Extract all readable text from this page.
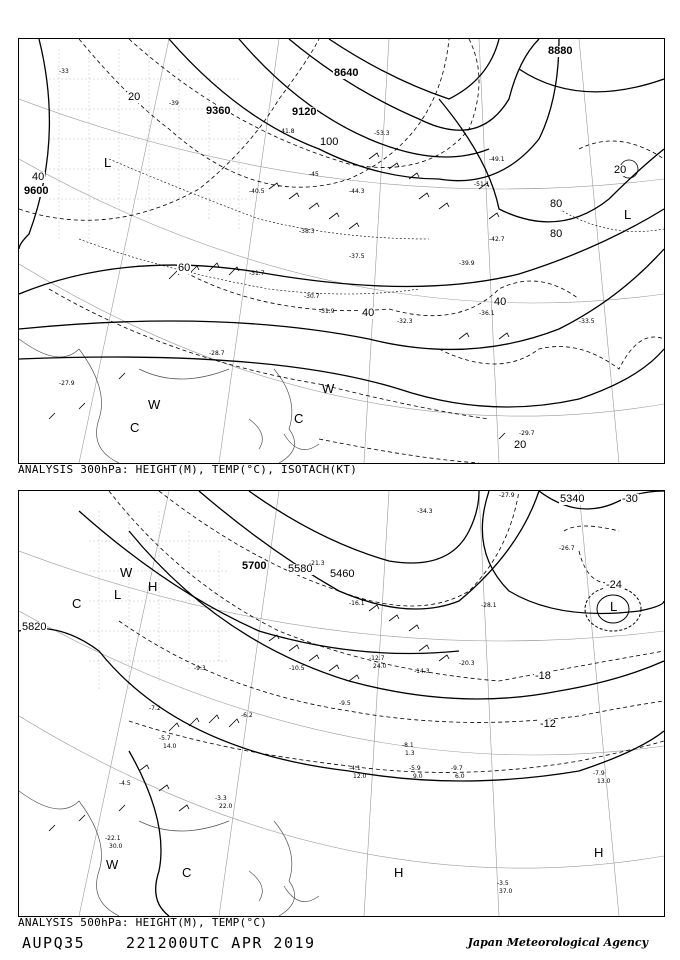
9600
9360	9120
8640
8880
20
40
60
80
100
80
40
40
20
20
L
L
W
W
C
C
-33
-39
-40.5
-42.7
-44.3
-45
-49.1
-51.1
-53.3
-36.1
-32.3
-31.9
-29.7
-28.7
-27.9
-33.5
-38.3
-39.9
-41.8
-37.5
-30.7
-31.7
ANALYSIS 300hPa: HEIGHT(M), TEMP(°C), ISOTACH(KT)
5700 5580 5460
5340
5820
-30
-24
-18
-12
W
H
L
C	L
W
C	H
H
-22.1
-21.3
-16.1
-14.3
-12.7
-10.5
-9.5
-9.3
-8.1
-7.9
-7.2
-6.2
-5.9
-5.7
-4.5
-4.1
-3.5
-3.3
-27.9
-26.7
-28.1
-34.3
-20.3
-9.7
37.0
22.0
30.0
13.0
12.0	6.0
24.0
14.0
9.0
1.3
ANALYSIS 500hPa: HEIGHT(M), TEMP(°C)
AUPQ35	221200UTC APR 2019	Japan Meteorological Agency
